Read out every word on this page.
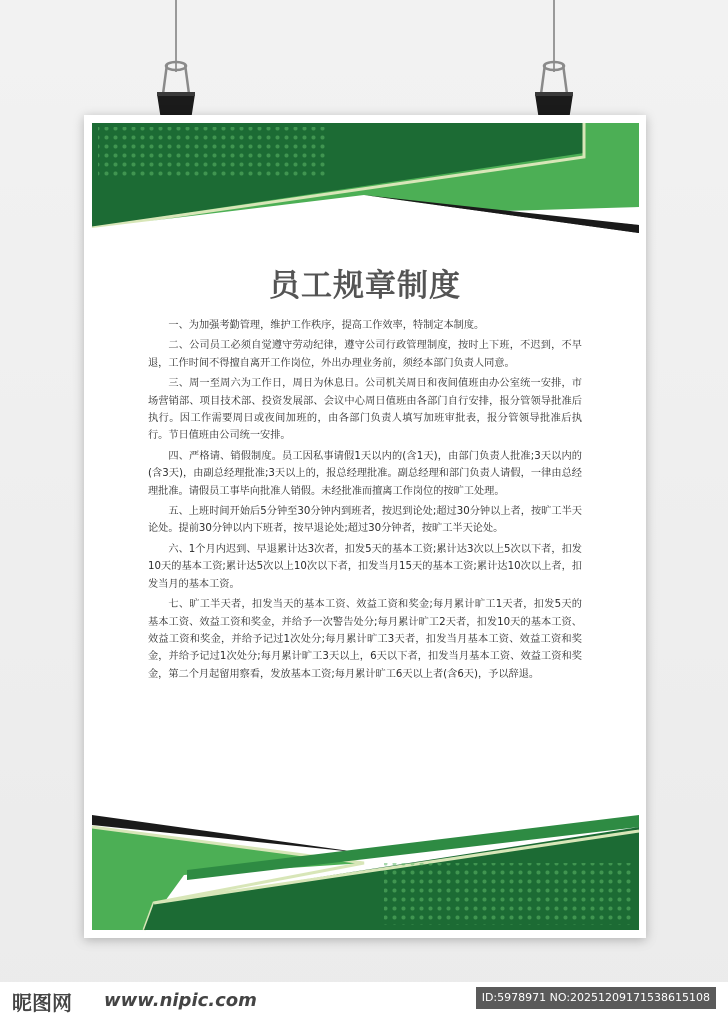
员工规章制度

一、为加强考勤管理，维护工作秩序，提高工作效率，特制定本制度。

二、公司员工必须自觉遵守劳动纪律，遵守公司行政管理制度，按时上下班，不迟到，不早退，工作时间不得擅自离开工作岗位，外出办理业务前，须经本部门负责人同意。

三、周一至周六为工作日，周日为休息日。公司机关周日和夜间值班由办公室统一安排，市场营销部、项目技术部、投资发展部、会议中心周日值班由各部门自行安排，报分管领导批准后执行。因工作需要周日或夜间加班的，由各部门负责人填写加班审批表，报分管领导批准后执行。节日值班由公司统一安排。

四、严格请、销假制度。员工因私事请假1天以内的(含1天)，由部门负责人批准;3天以内的(含3天)，由副总经理批准;3天以上的，报总经理批准。副总经理和部门负责人请假，一律由总经理批准。请假员工事毕向批准人销假。未经批准而擅离工作岗位的按旷工处理。

五、上班时间开始后5分钟至30分钟内到班者，按迟到论处;超过30分钟以上者，按旷工半天论处。提前30分钟以内下班者，按早退论处;超过30分钟者，按旷工半天论处。

六、1个月内迟到、早退累计达3次者，扣发5天的基本工资;累计达3次以上5次以下者，扣发10天的基本工资;累计达5次以上10次以下者，扣发当月15天的基本工资;累计达10次以上者，扣发当月的基本工资。

七、旷工半天者，扣发当天的基本工资、效益工资和奖金;每月累计旷工1天者，扣发5天的基本工资、效益工资和奖金，并给予一次警告处分;每月累计旷工2天者，扣发10天的基本工资、效益工资和奖金，并给予记过1次处分;每月累计旷工3天者，扣发当月基本工资、效益工资和奖金，并给予记过1次处分;每月累计旷工3天以上，6天以下者，扣发当月基本工资、效益工资和奖金，第二个月起留用察看，发放基本工资;每月累计旷工6天以上者(含6天)，予以辞退。

昵图网 www.nipic.com	ID:5978971 NO:20251209171538615108
